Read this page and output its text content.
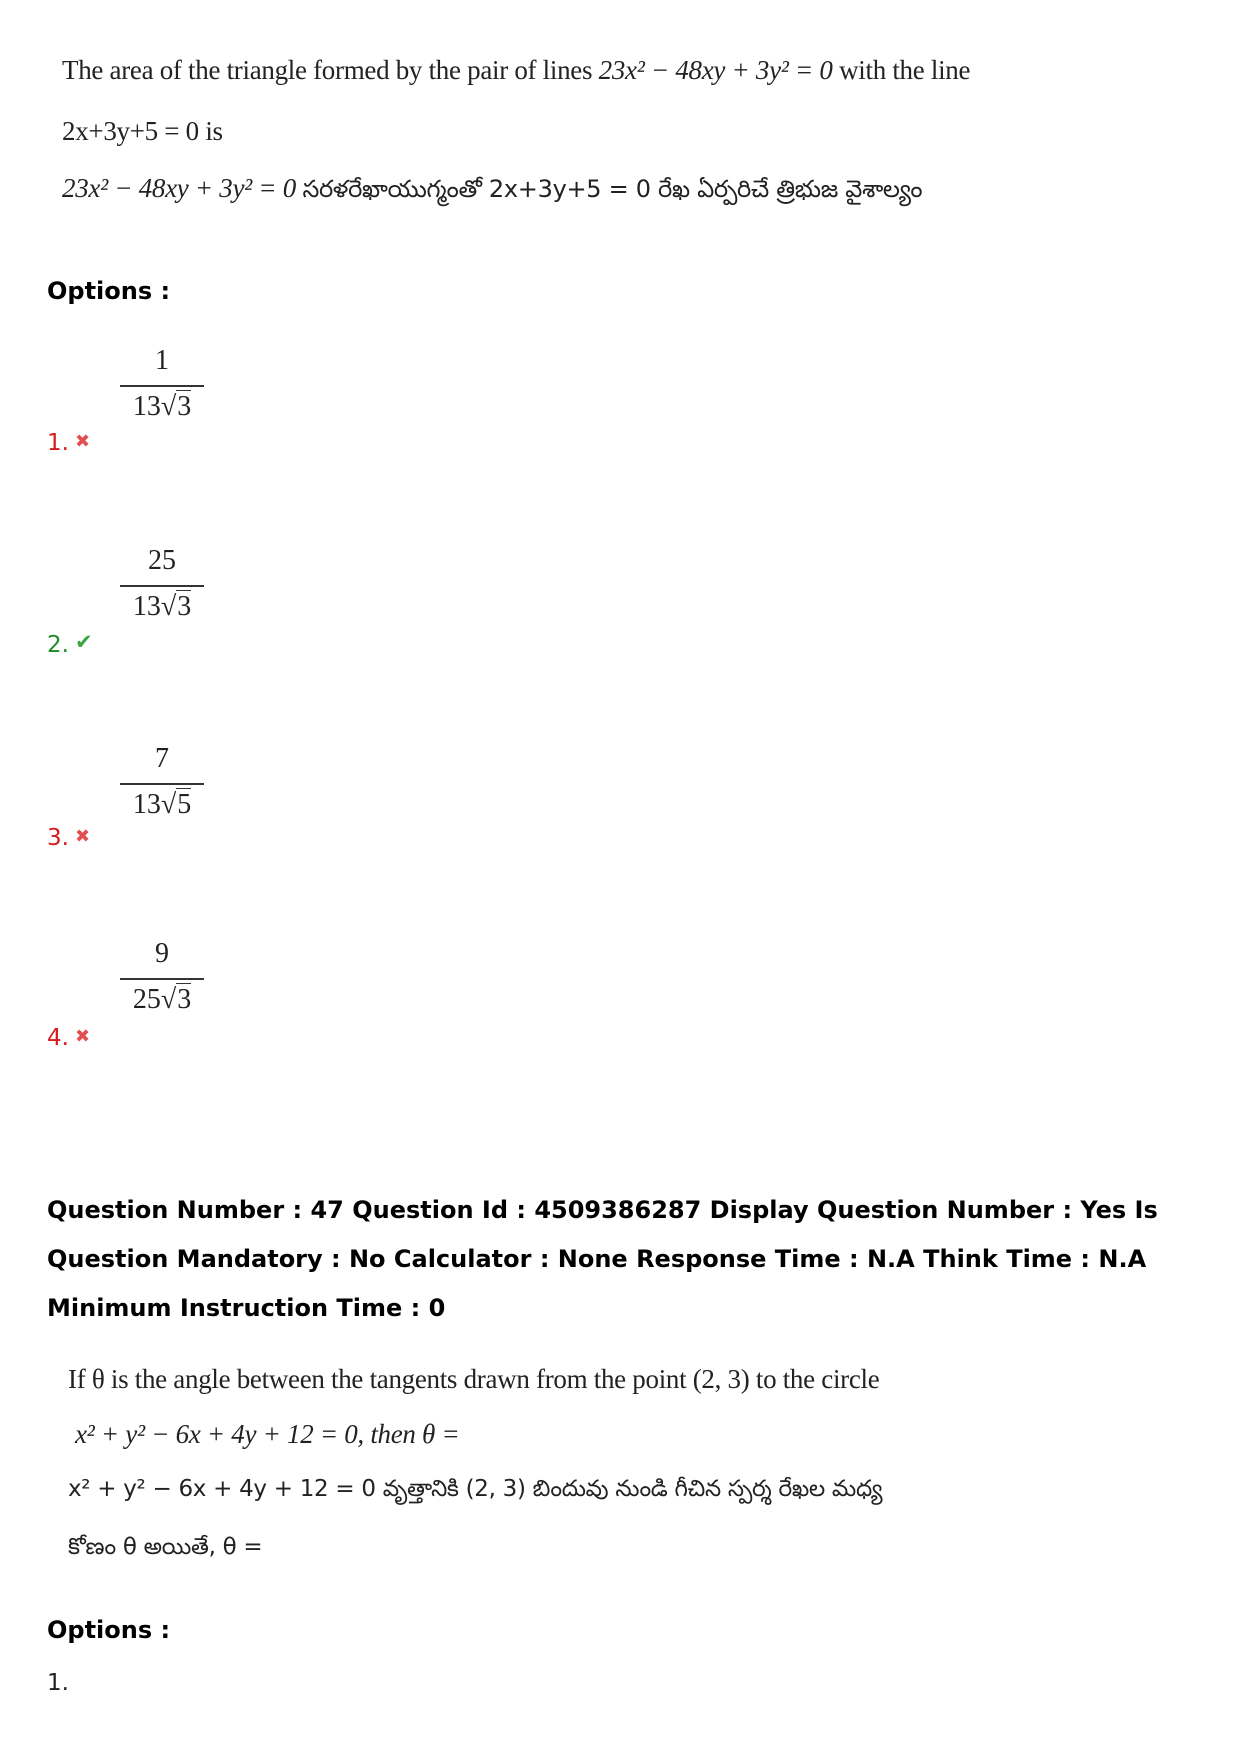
The area of the triangle formed by the pair of lines 23x² − 48xy + 3y² = 0 with the line
2x+3y+5 = 0 is
23x² − 48xy + 3y² = 0 సరళరేఖాయుగ్మంతో 2x+3y+5 = 0 రేఖ ఏర్పరిచే త్రిభుజ వైశాల్యం
Options :
1
13√3
1. ✖
25
13√3
2. ✔
7
13√5
3. ✖
9
25√3
4. ✖
Question Number : 47 Question Id : 4509386287 Display Question Number : Yes Is Question Mandatory : No Calculator : None Response Time : N.A Think Time : N.A Minimum Instruction Time : 0
If θ is the angle between the tangents drawn from the point (2, 3) to the circle
x² + y² − 6x + 4y + 12 = 0, then θ =
x² + y² − 6x + 4y + 12 = 0 వృత్తానికి (2, 3) బిందువు నుండి గీచిన స్పర్శ రేఖల మధ్య
కోణం θ అయితే, θ =
Options :
1.
